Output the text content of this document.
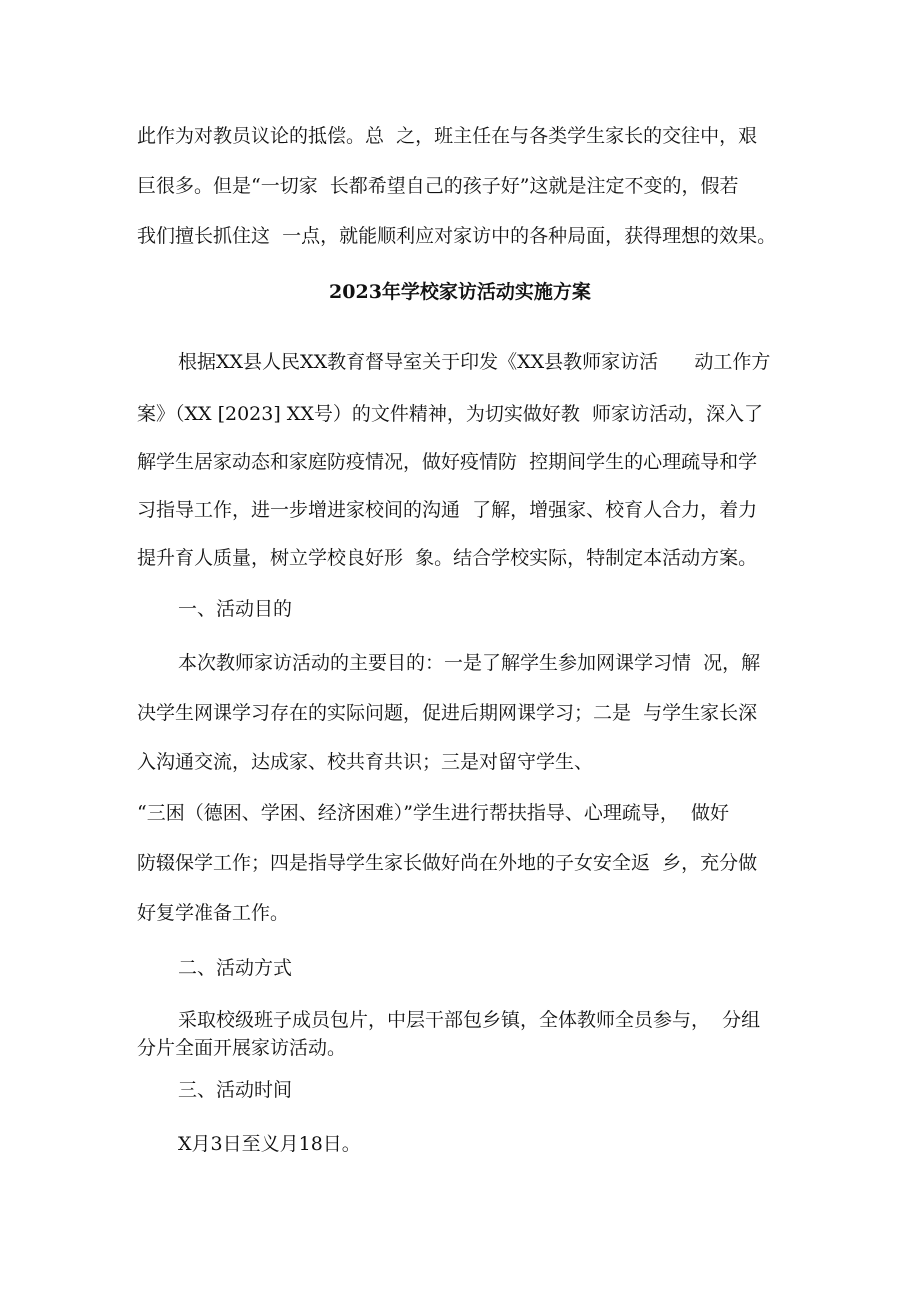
此作为对教员议论的抵偿。总  之，班主任在与各类学生家长的交往中，艰

巨很多。但是“一切家  长都希望自己的孩子好”这就是注定不变的，假若

我们擅长抓住这  一点，就能顺利应对家访中的各种局面，获得理想的效果。

2023年学校家访活动实施方案

根据XX县人民XX教育督导室关于印发《XX县教师家访活      动工作方

案》（XX [2023] XX号）的文件精神，为切实做好教  师家访活动，深入了

解学生居家动态和家庭防疫情况，做好疫情防  控期间学生的心理疏导和学

习指导工作，进一步增进家校间的沟通  了解，增强家、校育人合力，着力

提升育人质量，树立学校良好形  象。结合学校实际，特制定本活动方案。

一、活动目的

本次教师家访活动的主要目的：一是了解学生参加网课学习情  况，解

决学生网课学习存在的实际问题，促进后期网课学习；二是  与学生家长深

入沟通交流，达成家、校共育共识；三是对留守学生、

“三困（德困、学困、经济困难）”学生进行帮扶指导、心理疏导，  做好

防辍保学工作；四是指导学生家长做好尚在外地的子女安全返  乡，充分做

好复学准备工作。

二、活动方式

采取校级班子成员包片，中层干部包乡镇，全体教师全员参与，  分组

分片全面开展家访活动。

三、活动时间

X月3日至义月18日。
